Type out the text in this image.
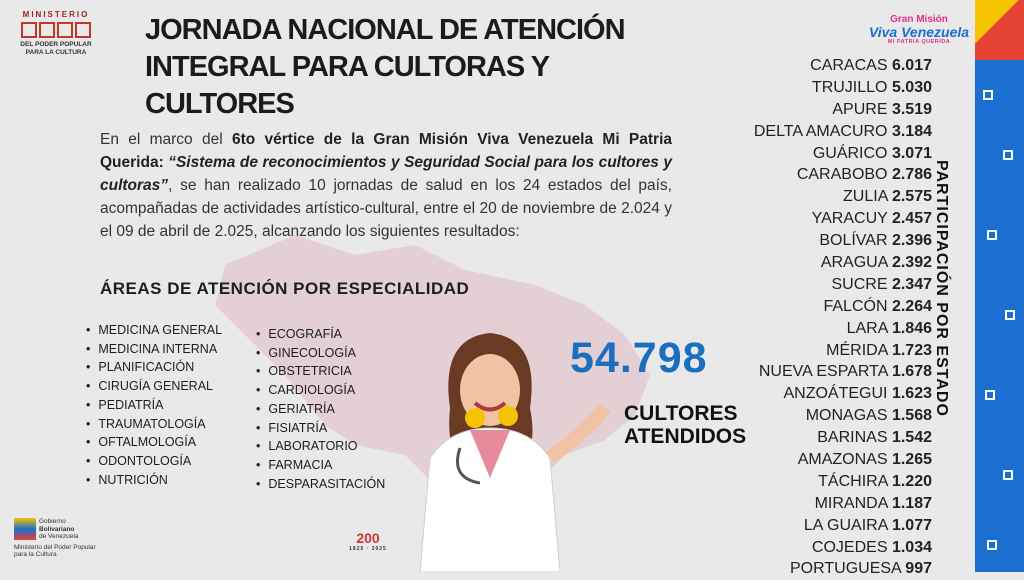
MINISTERIO
DEL PODER POPULAR
PARA LA CULTURA
JORNADA NACIONAL DE ATENCIÓN INTEGRAL PARA CULTORAS Y CULTORES
En el marco del 6to vértice de la Gran Misión Viva Venezuela Mi Patria Querida: “Sistema de reconocimientos y Seguridad Social para los cultores y cultoras”, se han realizado 10 jornadas de salud en los 24 estados del país, acompañadas de actividades artístico-cultural, entre el 20 de noviembre de 2.024 y el 09 de abril de 2.025, alcanzando los siguientes resultados:
ÁREAS DE ATENCIÓN POR ESPECIALIDAD
• MEDICINA GENERAL
• MEDICINA INTERNA
• PLANIFICACIÓN
• CIRUGÍA GENERAL
• PEDIATRÍA
• TRAUMATOLOGÍA
• OFTALMOLOGÍA
• ODONTOLOGÍA
• NUTRICIÓN
• ECOGRAFÍA
• GINECOLOGÍA
• OBSTETRICIA
• CARDIOLOGÍA
• GERIATRÍA
• FISIATRÍA
• LABORATORIO
• FARMACIA
• DESPARASITACIÓN
54.798
CULTORES
ATENDIDOS
CARACAS 6.017
TRUJILLO 5.030
APURE 3.519
DELTA AMACURO 3.184
GUÁRICO 3.071
CARABOBO 2.786
ZULIA 2.575
YARACUY 2.457
BOLÍVAR 2.396
ARAGUA 2.392
SUCRE 2.347
FALCÓN 2.264
LARA 1.846
MÉRIDA 1.723
NUEVA ESPARTA 1.678
ANZOÁTEGUI 1.623
MONAGAS 1.568
BARINAS 1.542
AMAZONAS 1.265
TÁCHIRA 1.220
MIRANDA 1.187
LA GUAIRA 1.077
COJEDES 1.034
PORTUGUESA 997
PARTICIPACIÓN POR ESTADO
Gran Misión
Viva Venezuela
MI PATRIA QUERIDA
Gobierno
Bolivariano
de Venezuela
Ministerio del Poder Popular
para la Cultura
200
1825 · 2025
